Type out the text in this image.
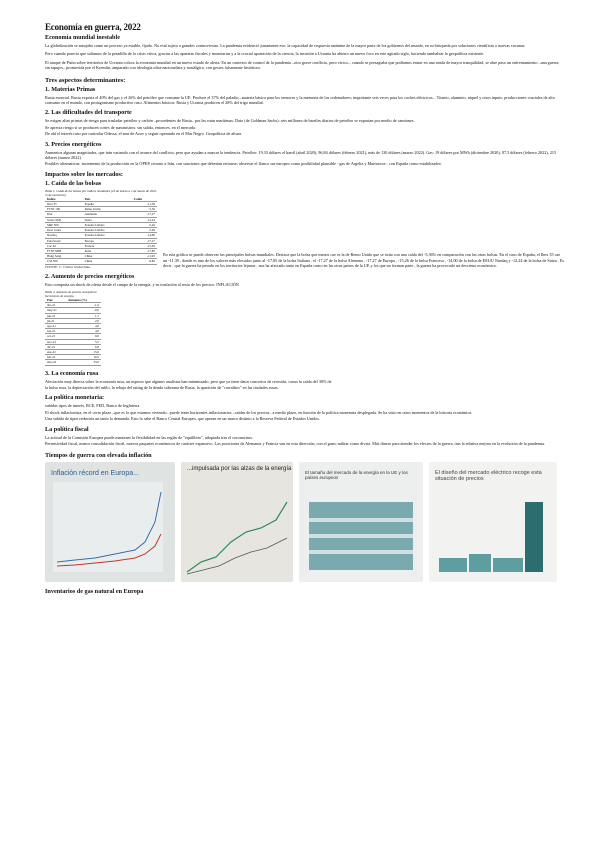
Economía en guerra, 2022
Economía mundial inestable

La globalización se antojaba como un proceso ya estable, fijado. No está sujeto a grandes controversias. La pandemia evidenció justamente eso: la capacidad de respuesta unánime de la mayor parte de los gobiernos del mundo, en su búsqueda por soluciones científicas o nuevas vacunas.

Pero cuando parecía que salíamos de la pesadilla de la crisis vírica, gracias a las apuestas fiscales y monetarias y a la crucial aportación de la ciencia, la invasión a Ucrania ha abierto un nuevo foco en este agitado siglo, haciendo tambalear la geopolítica existente.

El ataque de Putin sobre territorios de Ucrania coloca la economía mundial en un nuevo estado de alerta. En un contexto de control de la pandemia –otro grave conflicto, pero vírico–, cuando se presagiaba que podíamos entrar en una senda de mayor tranquilidad, se abre paso un enfrentamiento –una guerra, sin tapujos– promovida por el Kremlin, amparado con ideología ultra-nacionalista y nostálgico, con gestos falsamente históricos.

Tres aspectos determinantes:
1. Materias Primas

Rusia esencial. Rusia exporta el 40% del gas y el 26% del petróleo que consume la UE. Produce el 37% del paladio –materia básica para los sensores y la memoria de los ordenadores; importante seis veces para los coches eléctricos–. Titanio, aluminio, níquel y otros inputs: producciones cruciales de alto consumo en el mundo, con protagonismo productivo ruso. Alimentos básicos: Rusia y Ucrania producen el 28% del trigo mundial.

2. Las dificultades del transporte

Se exigen altas primas de riesgo para trasladar petróleo y carbón –procedentes de Rusia– por las rutas marítimas. Dato (de Goldman Sachs): seis millones de barriles diarios de petróleo se exportan por medio de camiones.

Se aprecia riesgo si se producen cortes de suministros: sin salida, entonces, en el mercado.

De ahí el interés ruso por controlar Odessa, el mar de Azov y seguir operando en el Mar Negro. Geopolítica de altura.

3. Precios energéticos

Aumentos algunas magnitudes, que irán variando con el avance del conflicto, pero que ayudan a marcar la tendencia. Petróleo: 19,33 dólares el barril (abril 2020), 96,84 dólares (febrero 2021), más de 130 dólares (marzo 2022). Gas: 19 dólares por MWh (diciembre 2020), 87,5 dólares (febrero 2022), 215 dólares (marzo 2022).

Posibles alternativas: incremento de la producción en la OPEP, retorno a Irán, con sanciones que deberían retirarse; observar el flanco sur europeo como posibilidad plausible - gas de Argelia y Marruecos-, con España como estabilizador.

Impactos sobre los mercados:
1. Caída de las bolsas
Tabla 1. Caída de las bolsas por índices mundiales (16 de marzo a 1 de marzo de 2022, % de variación)
Índice	País	Caída
Ibex 35	España	-11,39
FTSE 100	Reino Unido	-5,36
Dax	Alemania	-17,27
Swiss SMI	Suiza	-12,24
S&P 500	Estados Unidos	-5,26
Dow Jones	Estados Unidos	-5,49
Nasdaq	Estados Unidos	-14,00
EuroStoxx	Europa	-17,27
Cac 40	Francia	-15,26
FTSE MIB	Italia	-17,85
Hang Seng	China	-11,93
CSI 300	China	-9,82
FUENTE: C. Crónica Global Data.

En esta gráfica se puede observar las principales bolsas mundiales. Destaca que la bolsa que menos cae es la de Reino Unido que se sitúa con una caída del -5,36% en comparación con las otras bolsas. En el caso de España, el Ibex 35 cae un -11,39 , donde es uno de los valores más elevados junto al -17,85 de la bolsa Italiana , el -17,27 de la bolsa Alemana , -17,27 de Europa , -15,26 de la bolsa Francesa , -14,00 de la bolsa de EEUU Nasdaq y -12,24 de la bolsa de Suiza . Es decir , que la guerra ha pesado en los territorios lejanos , nos ha afectado tanto en España como en las otras países de la UE y los que no forman parte , la guerra ha provocado un descenso económico.

2. Aumento de precios energéticos

Esto comporta un shock de oferta desde el campo de la energía, y su traslación al resto de los precios: INFLACIÓN

Tabla 2. Aumento de precios energéticos Incremento de energía
País	Aumento (%)
abr-21	-1,6
may-21	-0,6
jun-21	1,7
jul-21	2,0
ago-21	4,0
sep-21	4,0
oct-21	9,0
nov-21	5,5
dic-21	6,8
ene-22	15,0
feb-22	16,5
mar-22	33,0
3. La economía rusa

Afectación muy directa sobre la economía rusa, un aspecto que algunos analistas han minimizado, pero que ya tiene datos concretos de recesión, como la caída del 30% de

la bolsa rusa, la depreciación del rublo, la rebaja del rating de la deuda soberana de Rusia, la aparición de "corralitos" en las ciudades rusas.

La política monetaria:

subidas tipos de interés, BCE, FED, Banco de Inglaterra

El shock inflacionista, en el corto plazo –que es lo que estamos viviendo– puede tener horizontes inflacionarios –caídas de los precios– a medio plazo, en función de la política monetaria desplegada. Se ha visto en otros momentos de la historia económica.

Una subida de tipos reduciría un tanto la demanda. Esto lo sabe el Banco Central Europeo, que operan en un marco distinto a la Reserva Federal de Estados Unidos.

La política fiscal

La actitud de la Comisión Europea puede mantener la flexibilidad en las reglas de "equilibrio", adoptada tras el coronavirus.

Permisividad fiscal, menor consolidación fiscal, nuevos paquetes económicos de carácter expansivo. Las posiciones de Alemania y Francia van en esta dirección, con el gasto militar como divisa. Más dinero para atender los efectos de la guerra, tras la relativa mejora en la evolución de la pandemia.

Tiempos de guerra con elevada inflación
Inflación récord en Europa...
...impulsada por las alzas de la energía
El tamaño del mercado de la energía en la UE y los países europeos
El diseño del mercado eléctrico recoge esta situación de precios
Inventarios de gas natural en Europa
